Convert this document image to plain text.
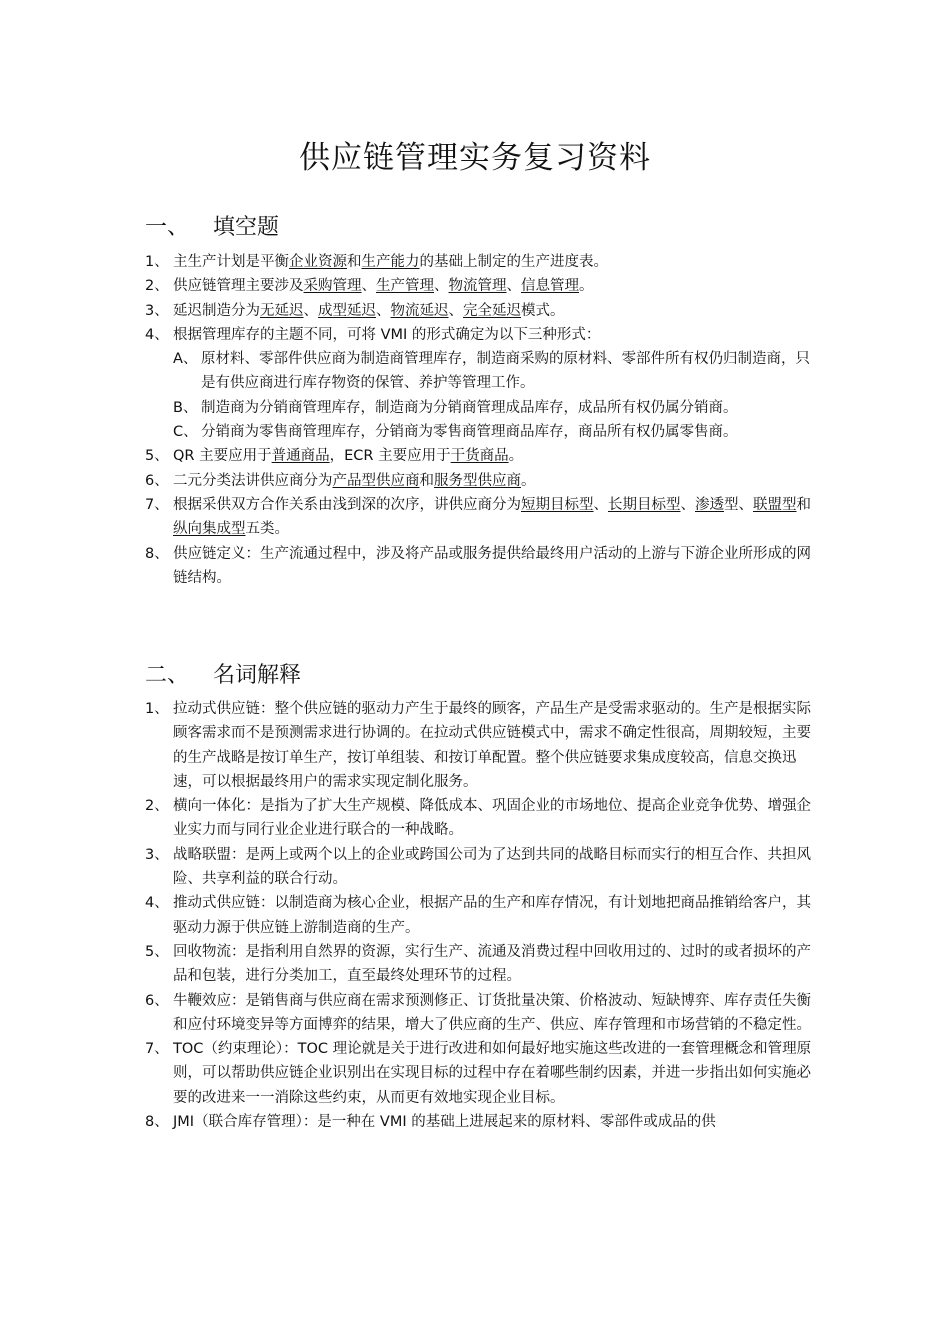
供应链管理实务复习资料
一、 填空题
1、 主生产计划是平衡企业资源和生产能力的基础上制定的生产进度表。
2、 供应链管理主要涉及采购管理、生产管理、物流管理、信息管理。
3、 延迟制造分为无延迟、成型延迟、物流延迟、完全延迟模式。
4、 根据管理库存的主题不同，可将 VMI 的形式确定为以下三种形式：
A、 原材料、零部件供应商为制造商管理库存，制造商采购的原材料、零部件所有权仍归制造商，只是有供应商进行库存物资的保管、养护等管理工作。
B、 制造商为分销商管理库存，制造商为分销商管理成品库存，成品所有权仍属分销商。
C、 分销商为零售商管理库存，分销商为零售商管理商品库存，商品所有权仍属零售商。
5、 QR 主要应用于普通商品，ECR 主要应用于干货商品。
6、 二元分类法讲供应商分为产品型供应商和服务型供应商。
7、 根据采供双方合作关系由浅到深的次序，讲供应商分为短期目标型、长期目标型、渗透型、联盟型和纵向集成型五类。
8、 供应链定义：生产流通过程中，涉及将产品或服务提供给最终用户活动的上游与下游企业所形成的网链结构。
二、 名词解释
1、 拉动式供应链：整个供应链的驱动力产生于最终的顾客，产品生产是受需求驱动的。生产是根据实际顾客需求而不是预测需求进行协调的。在拉动式供应链模式中，需求不确定性很高，周期较短，主要的生产战略是按订单生产，按订单组装、和按订单配置。整个供应链要求集成度较高，信息交换迅速，可以根据最终用户的需求实现定制化服务。
2、 横向一体化：是指为了扩大生产规模、降低成本、巩固企业的市场地位、提高企业竞争优势、增强企业实力而与同行业企业进行联合的一种战略。
3、 战略联盟：是两上或两个以上的企业或跨国公司为了达到共同的战略目标而实行的相互合作、共担风险、共享利益的联合行动。
4、 推动式供应链：以制造商为核心企业，根据产品的生产和库存情况，有计划地把商品推销给客户，其驱动力源于供应链上游制造商的生产。
5、 回收物流：是指利用自然界的资源，实行生产、流通及消费过程中回收用过的、过时的或者损坏的产品和包装，进行分类加工，直至最终处理环节的过程。
6、 牛鞭效应：是销售商与供应商在需求预测修正、订货批量决策、价格波动、短缺博弈、库存责任失衡和应付环境变异等方面博弈的结果，增大了供应商的生产、供应、库存管理和市场营销的不稳定性。
7、 TOC（约束理论）：TOC 理论就是关于进行改进和如何最好地实施这些改进的一套管理概念和管理原则，可以帮助供应链企业识别出在实现目标的过程中存在着哪些制约因素，并进一步指出如何实施必要的改进来一一消除这些约束，从而更有效地实现企业目标。
8、 JMI（联合库存管理）：是一种在 VMI 的基础上进展起来的原材料、零部件或成品的供
